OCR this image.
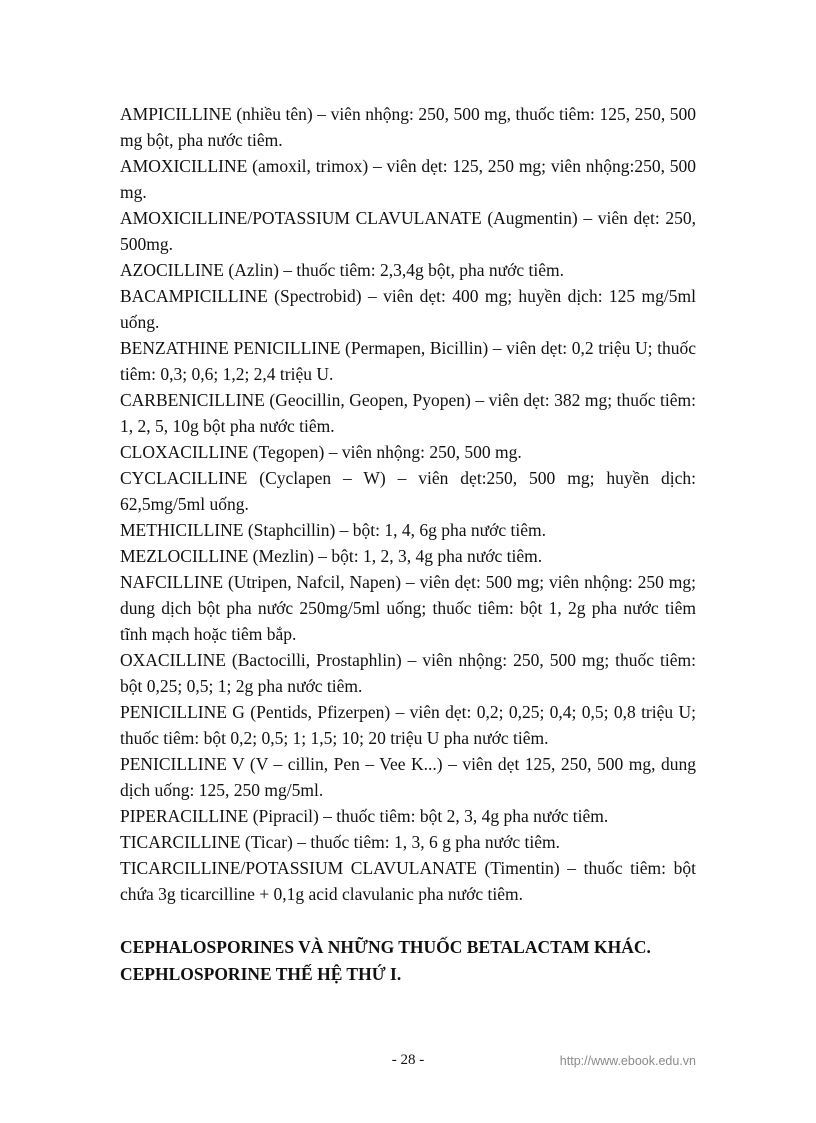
AMPICILLINE (nhiều tên) – viên nhộng: 250, 500 mg, thuốc tiêm: 125, 250, 500 mg bột, pha nước tiêm.

AMOXICILLINE (amoxil, trimox) – viên dẹt: 125, 250 mg; viên nhộng:250, 500 mg.

AMOXICILLINE/POTASSIUM CLAVULANATE (Augmentin) – viên dẹt: 250, 500mg.

AZOCILLINE (Azlin) – thuốc tiêm: 2,3,4g bột, pha nước tiêm.

BACAMPICILLINE (Spectrobid) – viên dẹt: 400 mg; huyền dịch: 125 mg/5ml uống.

BENZATHINE PENICILLINE (Permapen, Bicillin) – viên dẹt: 0,2 triệu U; thuốc tiêm: 0,3; 0,6; 1,2; 2,4 triệu U.

CARBENICILLINE (Geocillin, Geopen, Pyopen) – viên dẹt: 382 mg; thuốc tiêm: 1, 2, 5, 10g bột pha nước tiêm.

CLOXACILLINE (Tegopen) – viên nhộng: 250, 500 mg.

CYCLACILLINE (Cyclapen – W) – viên dẹt:250, 500 mg; huyền dịch: 62,5mg/5ml uống.

METHICILLINE (Staphcillin) – bột: 1, 4, 6g pha nước tiêm.

MEZLOCILLINE (Mezlin) – bột: 1, 2, 3, 4g pha nước tiêm.

NAFCILLINE (Utripen, Nafcil, Napen) – viên dẹt: 500 mg; viên nhộng: 250 mg; dung dịch bột pha nước 250mg/5ml uống; thuốc tiêm: bột 1, 2g pha nước tiêm tĩnh mạch hoặc tiêm bắp.

OXACILLINE (Bactocilli, Prostaphlin) – viên nhộng: 250, 500 mg; thuốc tiêm: bột 0,25; 0,5; 1; 2g pha nước tiêm.

PENICILLINE G (Pentids, Pfizerpen) – viên dẹt: 0,2; 0,25; 0,4; 0,5; 0,8 triệu U; thuốc tiêm: bột 0,2; 0,5; 1; 1,5; 10; 20 triệu U pha nước tiêm.

PENICILLINE V (V – cillin, Pen – Vee K...) – viên dẹt 125, 250, 500 mg, dung dịch uống: 125, 250 mg/5ml.

PIPERACILLINE (Pipracil) – thuốc tiêm: bột 2, 3, 4g pha nước tiêm.

TICARCILLINE (Ticar) – thuốc tiêm: 1, 3, 6 g pha nước tiêm.

TICARCILLINE/POTASSIUM CLAVULANATE (Timentin) – thuốc tiêm: bột chứa 3g ticarcilline + 0,1g acid clavulanic pha nước tiêm.

CEPHALOSPORINES VÀ NHỮNG THUỐC BETALACTAM KHÁC.
CEPHLOSPORINE THẾ HỆ THỨ I.
- 28 -	http://www.ebook.edu.vn
